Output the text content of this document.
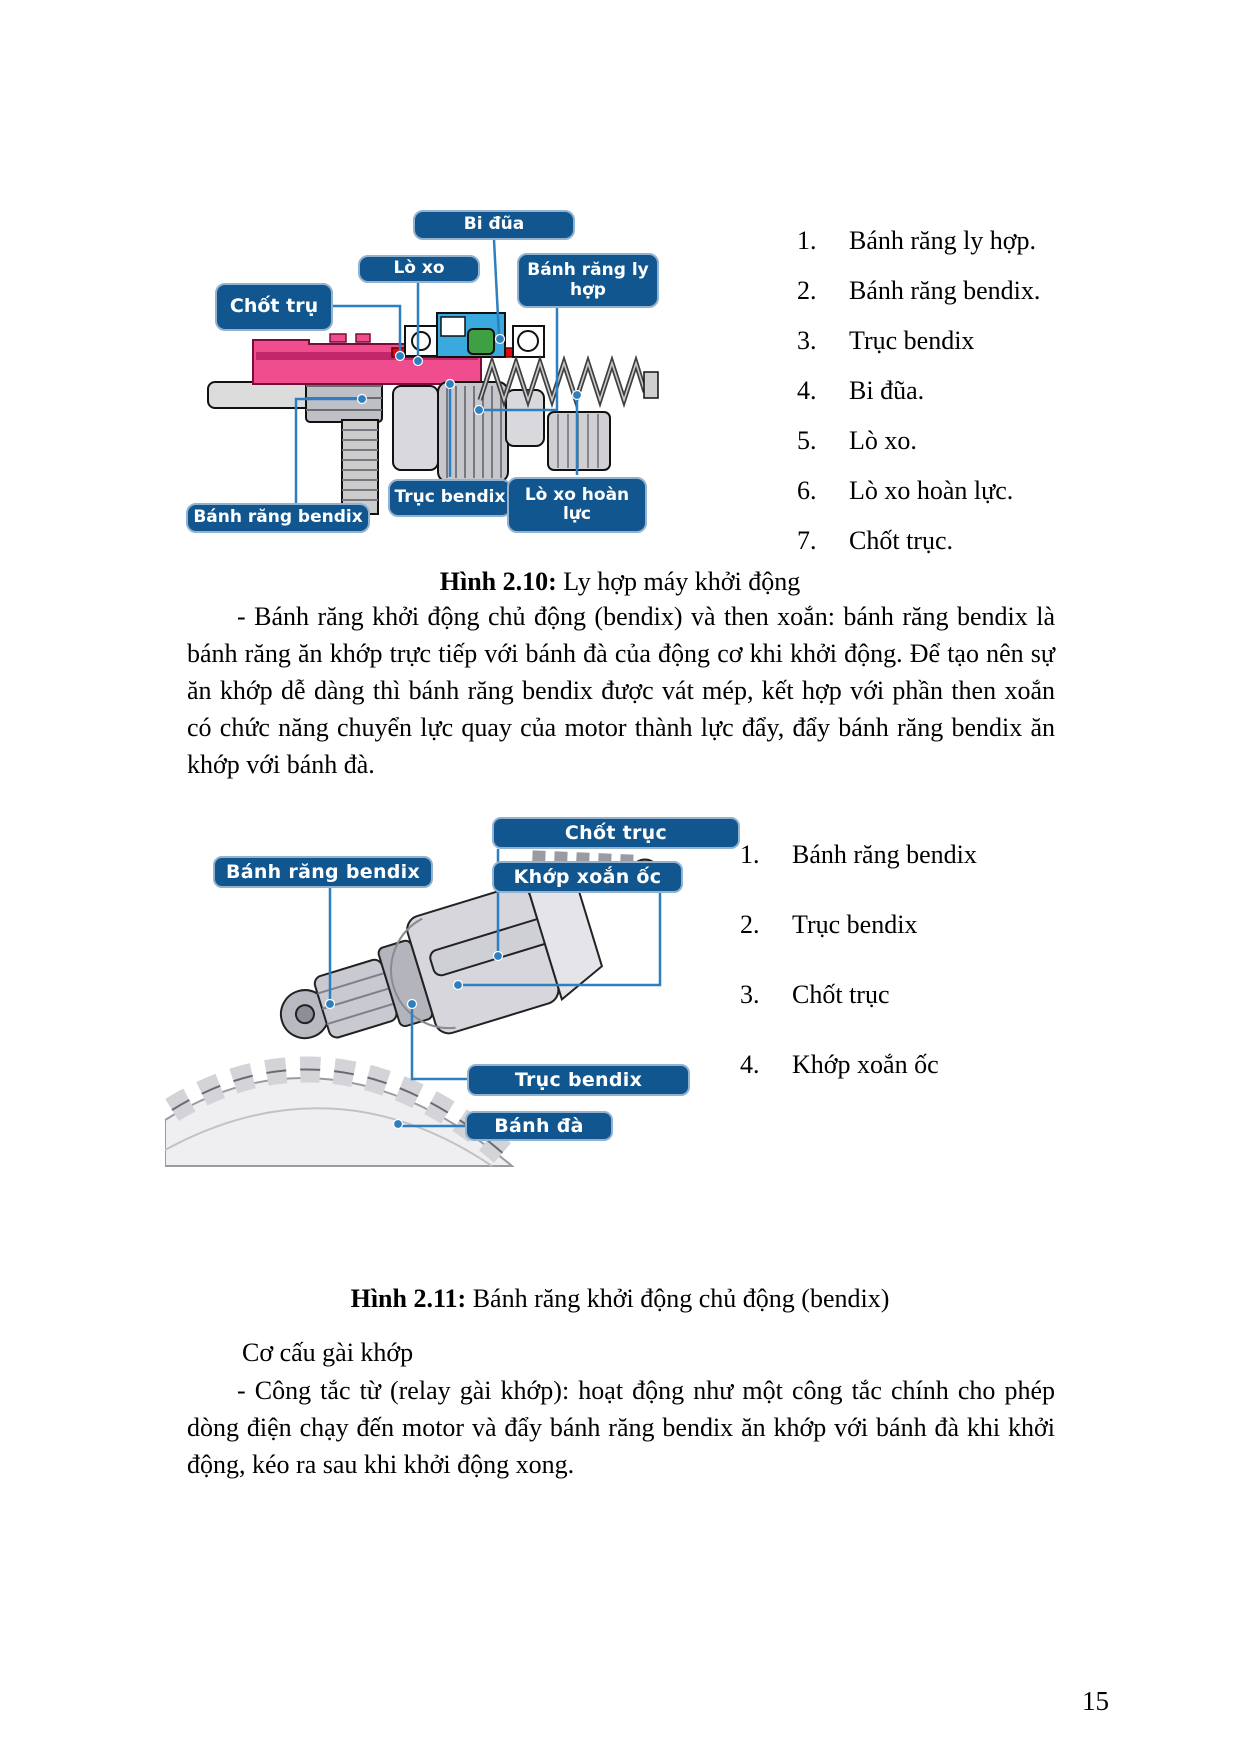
Bi đũa
Lò xo	Bánh răng ly hợp
Chốt trụ
Trục bendix	Lò xo hoàn lực
Bánh răng bendix
1.	Bánh răng ly hợp.
2.	Bánh răng bendix.
3.	Trục bendix
4.	Bi đũa.
5.	Lò xo.
6.	Lò xo hoàn lực.
7.	Chốt trục.
Hình 2.10: Ly hợp máy khởi động

- Bánh răng khởi động chủ động (bendix) và then xoắn: bánh răng bendix là bánh răng ăn khớp trực tiếp với bánh đà của động cơ khi khởi động. Để tạo nên sự ăn khớp dễ dàng thì bánh răng bendix được vát mép, kết hợp với phần then xoắn có chức năng chuyển lực quay của motor thành lực đẩy, đẩy bánh răng bendix ăn khớp với bánh đà.

Chốt trục
Bánh răng bendix	Khớp xoắn ốc
Trục bendix
Bánh đà
1.	Bánh răng bendix
2.	Trục bendix
3.	Chốt trục
4.	Khớp xoắn ốc
Hình 2.11: Bánh răng khởi động chủ động (bendix)
Cơ cấu gài khớp

- Công tắc từ (relay gài khớp): hoạt động như một công tắc chính cho phép dòng điện chạy đến motor và đẩy bánh răng bendix ăn khớp với bánh đà khi khởi động, kéo ra sau khi khởi động xong.

15
